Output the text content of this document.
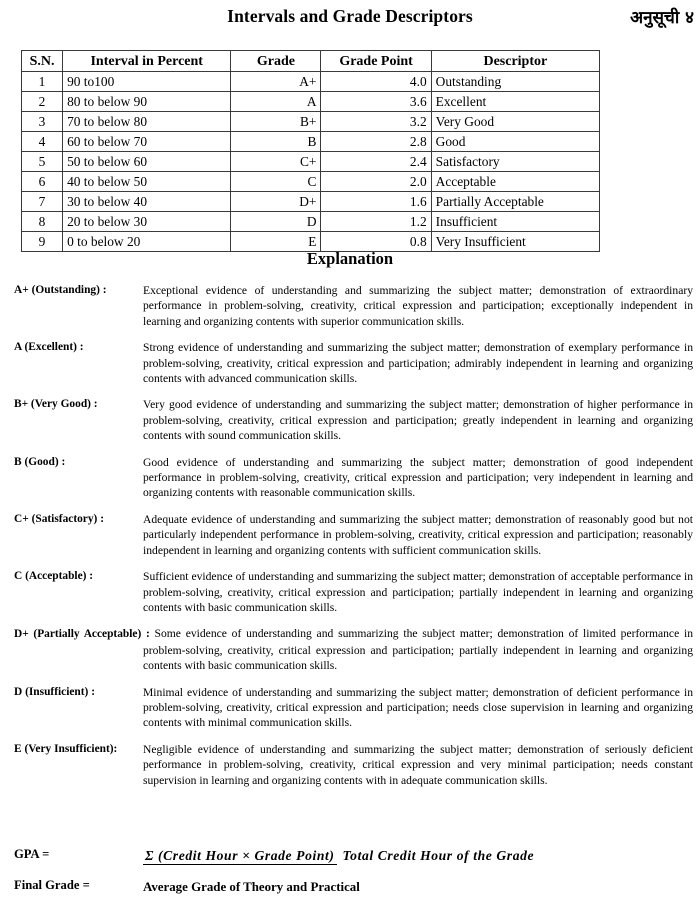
Intervals and Grade Descriptors	अनुसूची ४
S.N.	Interval in Percent	Grade	Grade Point	Descriptor
1	90 to100	A+	4.0	Outstanding
2	80 to below 90	A	3.6	Excellent
3	70 to below 80	B+	3.2	Very Good
4	60 to below 70	B	2.8	Good
5	50 to below 60	C+	2.4	Satisfactory
6	40 to below 50	C	2.0	Acceptable
7	30 to below 40	D+	1.6	Partially Acceptable
8	20 to below 30	D	1.2	Insufficient
9	0 to below 20	E	0.8	Very Insufficient
Explanation
A+ (Outstanding) :	Exceptional evidence of understanding and summarizing the subject matter; demonstration of extraordinary performance in problem-solving, creativity, critical expression and participation; exceptionally independent in learning and organizing contents with superior communication skills.
A (Excellent) :	Strong evidence of understanding and summarizing the subject matter; demonstration of exemplary performance in problem-solving, creativity, critical expression and participation; admirably independent in learning and organizing contents with advanced communication skills.
B+ (Very Good) :	Very good evidence of understanding and summarizing the subject matter; demonstration of higher performance in problem-solving, creativity, critical expression and participation; greatly independent in learning and organizing contents with sound communication skills.
B (Good) :	Good evidence of understanding and summarizing the subject matter; demonstration of good independent performance in problem-solving, creativity, critical expression and participation; very independent in learning and organizing contents with reasonable communication skills.
C+ (Satisfactory) :	Adequate evidence of understanding and summarizing the subject matter; demonstration of reasonably good but not particularly independent performance in problem-solving, creativity, critical expression and participation; reasonably independent in learning and organizing contents with sufficient communication skills.
C (Acceptable) :	Sufficient evidence of understanding and summarizing the subject matter; demonstration of acceptable performance in problem-solving, creativity, critical expression and participation; partially independent in learning and organizing contents with basic communication skills.
D+ (Partially Acceptable) : Some evidence of understanding and summarizing the subject matter; demonstration of limited performance in problem-solving, creativity, critical expression and participation; partially independent in learning and organizing contents with basic communication skills.
D (Insufficient) :	Minimal evidence of understanding and summarizing the subject matter; demonstration of deficient performance in problem-solving, creativity, critical expression and participation; needs close supervision in learning and organizing contents with minimal communication skills.
E (Very Insufficient):	Negligible evidence of understanding and summarizing the subject matter; demonstration of seriously deficient performance in problem-solving, creativity, critical expression and very minimal participation; needs constant supervision in learning and organizing contents with in adequate communication skills.
GPA =	Σ (Credit Hour × Grade Point) Total Credit Hour of the Grade
Final Grade =	Average Grade of Theory and Practical
